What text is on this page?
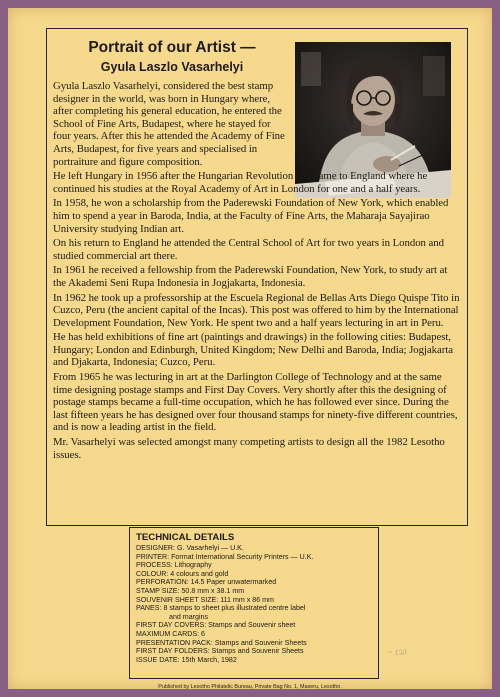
Portrait of our Artist —
Gyula Laszlo Vasarhelyi

Gyula Laszlo Vasarhelyi, considered the best stamp designer in the world, was born in Hungary where, after completing his general education, he entered the School of Fine Arts, Budapest, where he stayed for four years. After this he attended the Academy of Fine Arts, Budapest, for five years and specialised in portraiture and figure composition.

He left Hungary in 1956 after the Hungarian Revolution and came to England where he continued his studies at the Royal Academy of Art in London for one and a half years.

In 1958, he won a scholarship from the Paderewski Foundation of New York, which enabled him to spend a year in Baroda, India, at the Faculty of Fine Arts, the Maharaja Sayajirao University studying Indian art.

On his return to England he attended the Central School of Art for two years in London and studied commercial art there.

In 1961 he received a fellowship from the Paderewski Foundation, New York, to study art at the Akademi Seni Rupa Indonesia in Jogjakarta, Indonesia.

In 1962 he took up a professorship at the Escuela Regional de Bellas Arts Diego Quispe Tito in Cuzco, Peru (the ancient capital of the Incas). This post was offered to him by the International Development Foundation, New York. He spent two and a half years lecturing in art in Peru.

He has held exhibitions of fine art (paintings and drawings) in the following cities: Budapest, Hungary; London and Edinburgh, United Kingdom; New Delhi and Baroda, India; Jogjakarta and Djakarta, Indonesia; Cuzco, Peru.

From 1965 he was lecturing in art at the Darlington College of Technology and at the same time designing postage stamps and First Day Covers. Very shortly after this the designing of postage stamps became a full-time occupation, which he has followed ever since. During the last fifteen years he has designed over four thousand stamps for ninety-five different countries, and is now a leading artist in the field.

Mr. Vasarhelyi was selected amongst many competing artists to design all the 1982 Lesotho issues.

TECHNICAL DETAILS
DESIGNER: G. Vasarhelyi — U.K.
PRINTER: Format International Security Printers — U.K.
PROCESS: Lithography
COLOUR: 4 colours and gold
PERFORATION: 14.5 Paper unwatermarked
STAMP SIZE: 50.8 mm x 38.1 mm
SOUVENIR SHEET SIZE: 111 mm x 86 mm
PANES: 8 stamps to sheet plus illustrated centre label
and margins
FIRST DAY COVERS: Stamps and Souvenir sheet
MAXIMUM CARDS: 6
PRESENTATION PACK: Stamps and Souvenir Sheets
FIRST DAY FOLDERS: Stamps and Souvenir Sheets
ISSUE DATE: 15th March, 1982
~ 150
Published by Lesotho Philatelic Bureau, Private Bag No. 1, Maseru, Lesotho.
